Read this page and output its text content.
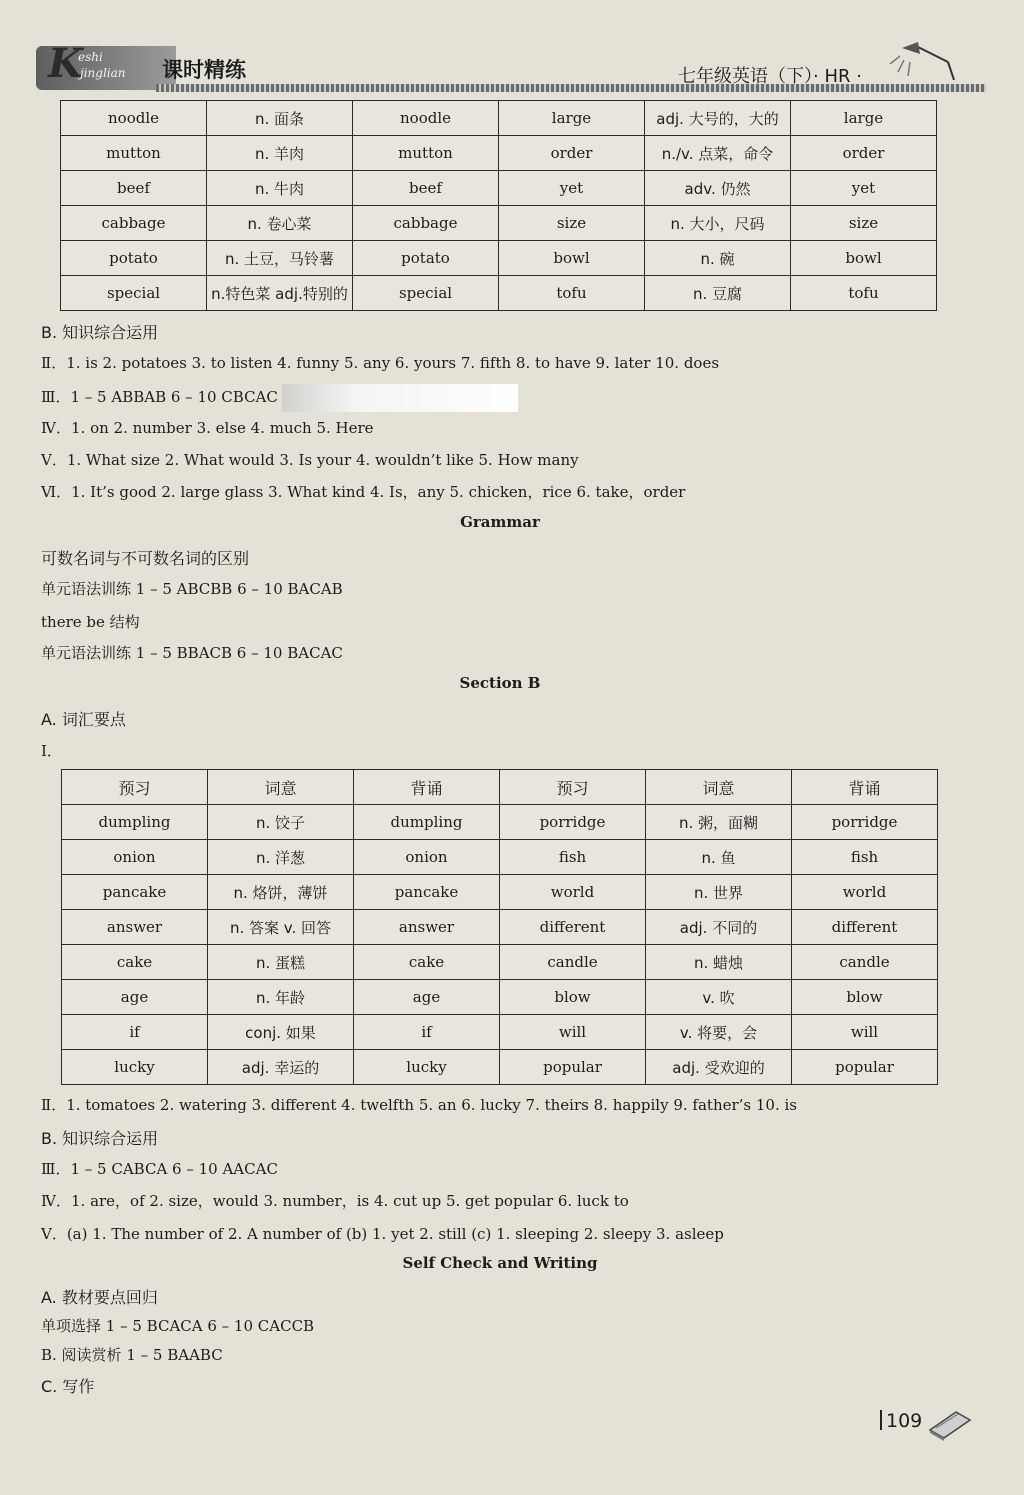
K
eshi
jinglian 课时精练	七年级英语（下）· HR ·
noodle	n. 面条	noodle	large	adj. 大号的，大的	large
mutton	n. 羊肉	mutton	order	n./v. 点菜，命令	order
beef	n. 牛肉	beef	yet	adv. 仍然	yet
cabbage	n. 卷心菜	cabbage	size	n. 大小，尺码	size
potato	n. 土豆，马铃薯	potato	bowl	n. 碗	bowl
special	n.特色菜 adj.特别的	special	tofu	n. 豆腐	tofu
B. 知识综合运用
Ⅱ．1. is 2. potatoes 3. to listen 4. funny 5. any 6. yours 7. fifth 8. to have 9. later 10. does
Ⅲ．1 – 5 ABBAB 6 – 10 CBCAC
Ⅳ．1. on 2. number 3. else 4. much 5. Here
Ⅴ．1. What size 2. What would 3. Is your 4. wouldn’t like 5. How many
Ⅵ．1. It’s good 2. large glass 3. What kind 4. Is，any 5. chicken，rice 6. take，order
Grammar
可数名词与不可数名词的区别
单元语法训练 1 – 5 ABCBB 6 – 10 BACAB
there be 结构
单元语法训练 1 – 5 BBACB 6 – 10 BACAC
Section B
A. 词汇要点
Ⅰ．
预习	词意	背诵	预习	词意	背诵
dumpling	n. 饺子	dumpling	porridge	n. 粥，面糊	porridge
onion	n. 洋葱	onion	fish	n. 鱼	fish
pancake	n. 烙饼，薄饼	pancake	world	n. 世界	world
answer	n. 答案 v. 回答	answer	different	adj. 不同的	different
cake	n. 蛋糕	cake	candle	n. 蜡烛	candle
age	n. 年龄	age	blow	v. 吹	blow
if	conj. 如果	if	will	v. 将要，会	will
lucky	adj. 幸运的	lucky	popular	adj. 受欢迎的	popular
Ⅱ．1. tomatoes 2. watering 3. different 4. twelfth 5. an 6. lucky 7. theirs 8. happily 9. father’s 10. is
B. 知识综合运用
Ⅲ．1 – 5 CABCA 6 – 10 AACAC
Ⅳ．1. are，of 2. size，would 3. number，is 4. cut up 5. get popular 6. luck to
Ⅴ．(a) 1. The number of 2. A number of (b) 1. yet 2. still (c) 1. sleeping 2. sleepy 3. asleep
Self Check and Writing
A. 教材要点回归
单项选择 1 – 5 BCACA 6 – 10 CACCB
B. 阅读赏析 1 – 5 BAABC
C. 写作
109
